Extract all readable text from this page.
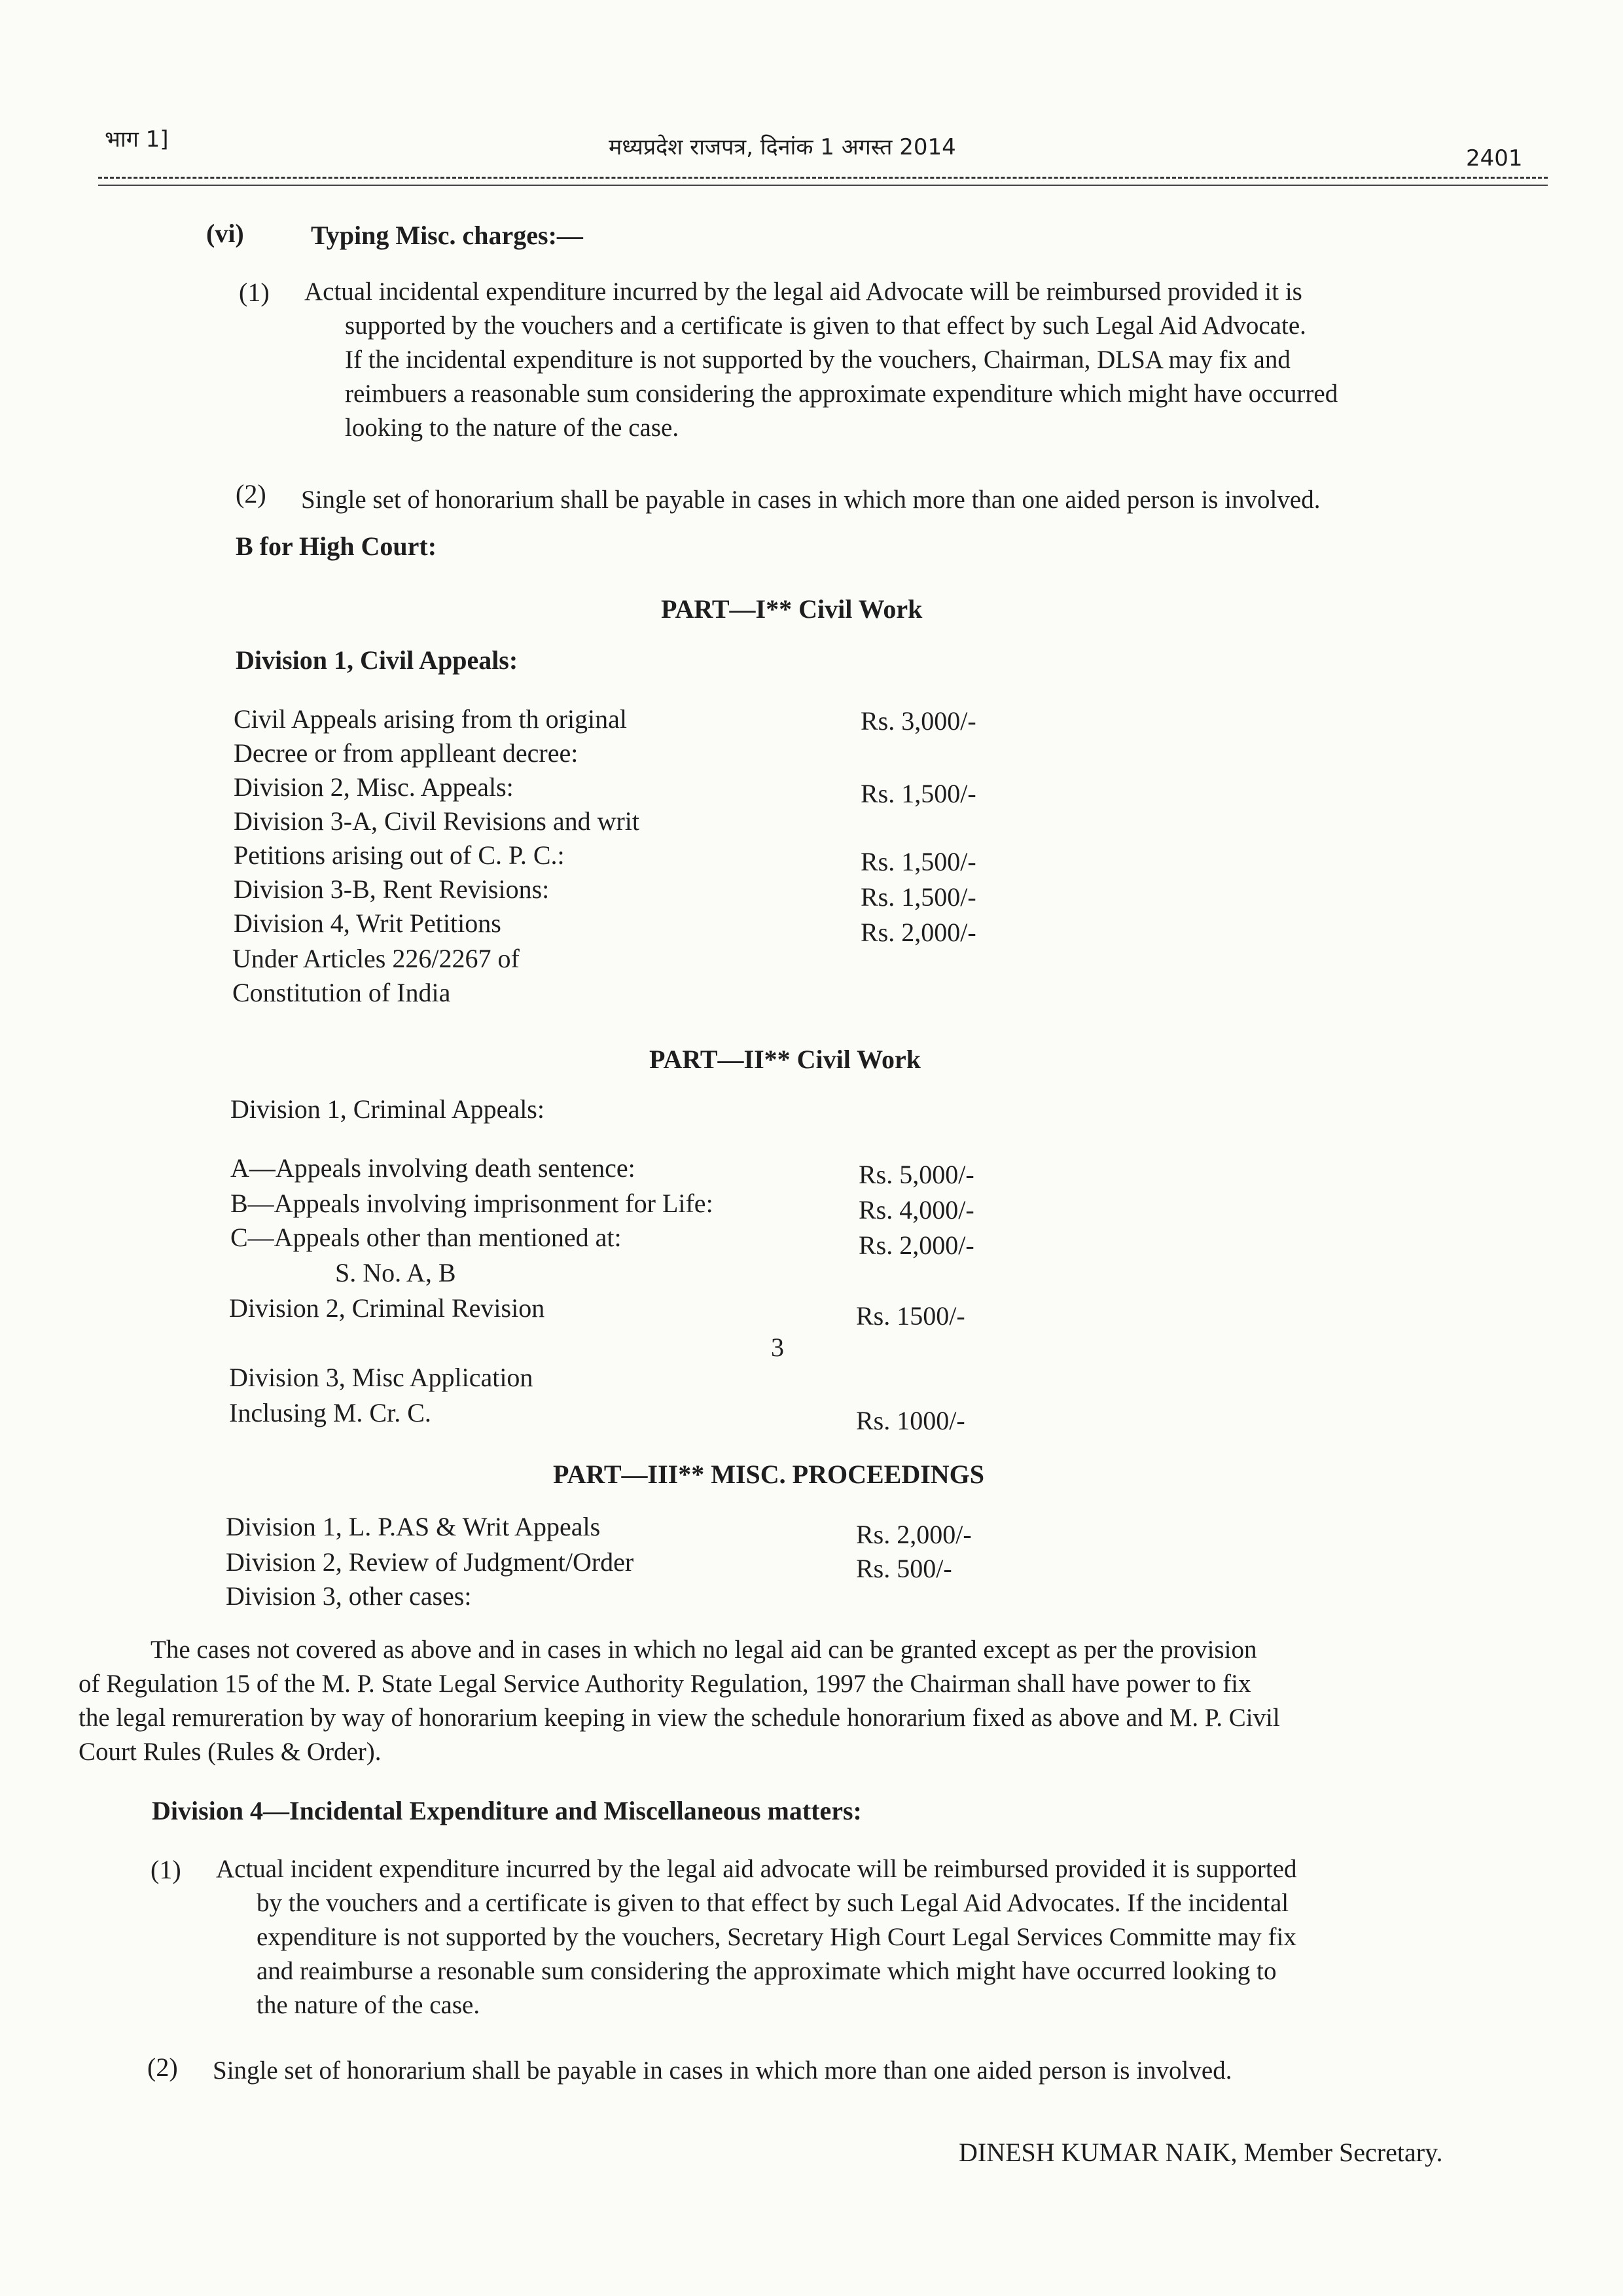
भाग 1]	मध्यप्रदेश राजपत्र, दिनांक 1 अगस्त 2014	2401
(vi)	Typing Misc. charges:—
(1) Actual incidental expenditure incurred by the legal aid Advocate will be reimbursed provided it is
supported by the vouchers and a certificate is given to that effect by such Legal Aid Advocate.
If the incidental expenditure is not supported by the vouchers, Chairman, DLSA may fix and
reimbuers a reasonable sum considering the approximate expenditure which might have occurred
looking to the nature of the case.
(2) Single set of honorarium shall be payable in cases in which more than one aided person is involved.
B for High Court:
PART—I** Civil Work
Division 1, Civil Appeals:
Civil Appeals arising from th original	Rs. 3,000/-
Decree or from applleant decree:
Division 2, Misc. Appeals:	Rs. 1,500/-
Division 3-A, Civil Revisions and writ
Petitions arising out of C. P. C.:	Rs. 1,500/-
Division 3-B, Rent Revisions:	Rs. 1,500/-
Division 4, Writ Petitions	Rs. 2,000/-
Under Articles 226/2267 of
Constitution of India
PART—II** Civil Work
Division 1, Criminal Appeals:
A—Appeals involving death sentence:	Rs. 5,000/-
B—Appeals involving imprisonment for Life:	Rs. 4,000/-
C—Appeals other than mentioned at:	Rs. 2,000/-
S. No. A, B
Division 2, Criminal Revision	Rs. 1500/-
3
Division 3, Misc Application
Inclusing M. Cr. C.	Rs. 1000/-
PART—III** MISC. PROCEEDINGS
Division 1, L. P.AS & Writ Appeals	Rs. 2,000/-
Division 2, Review of Judgment/Order	Rs. 500/-
Division 3, other cases:
The cases not covered as above and in cases in which no legal aid can be granted except as per the provision
of Regulation 15 of the M. P. State Legal Service Authority Regulation, 1997 the Chairman shall have power to fix
the legal remureration by way of honorarium keeping in view the schedule honorarium fixed as above and M. P. Civil
Court Rules (Rules & Order).
Division 4—Incidental Expenditure and Miscellaneous matters:
(1) Actual incident expenditure incurred by the legal aid advocate will be reimbursed provided it is supported
by the vouchers and a certificate is given to that effect by such Legal Aid Advocates. If the incidental
expenditure is not supported by the vouchers, Secretary High Court Legal Services Committe may fix
and reaimburse a resonable sum considering the approximate which might have occurred looking to
the nature of the case.
(2) Single set of honorarium shall be payable in cases in which more than one aided person is involved.
DINESH KUMAR NAIK, Member Secretary.
